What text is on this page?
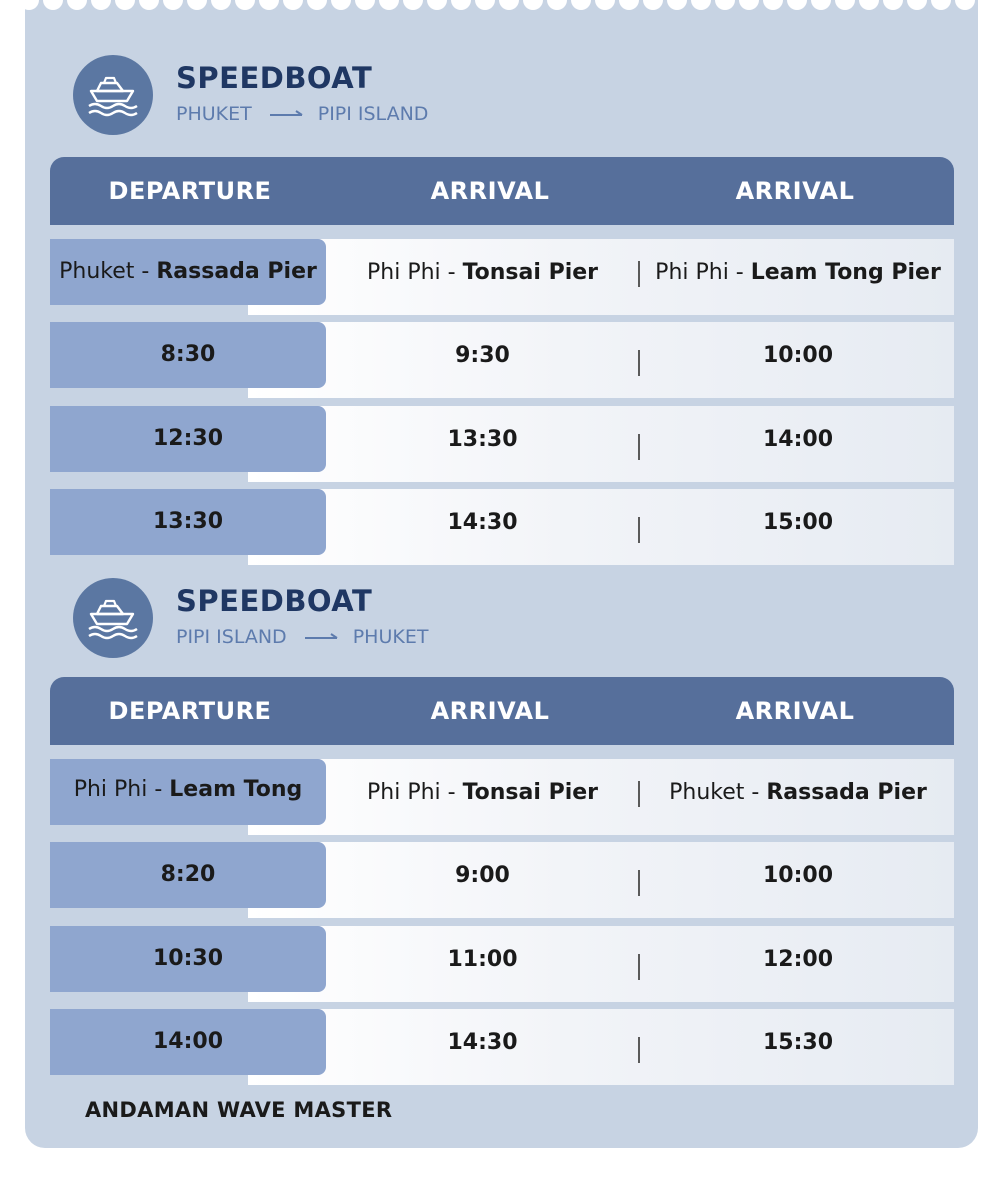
SPEEDBOAT
PHUKET	PIPI ISLAND
DEPARTURE	ARRIVAL	ARRIVAL
Phuket - Rassada Pier	Phi Phi - Tonsai Pier	Phi Phi - Leam Tong Pier
8:30	9:30	10:00
12:30	13:30	14:00
13:30	14:30	15:00
SPEEDBOAT
PIPI ISLAND	PHUKET
DEPARTURE	ARRIVAL	ARRIVAL
Phi Phi - Leam Tong	Phi Phi - Tonsai Pier	Phuket - Rassada Pier
8:20	9:00	10:00
10:30	11:00	12:00
14:00	14:30	15:30
ANDAMAN WAVE MASTER
